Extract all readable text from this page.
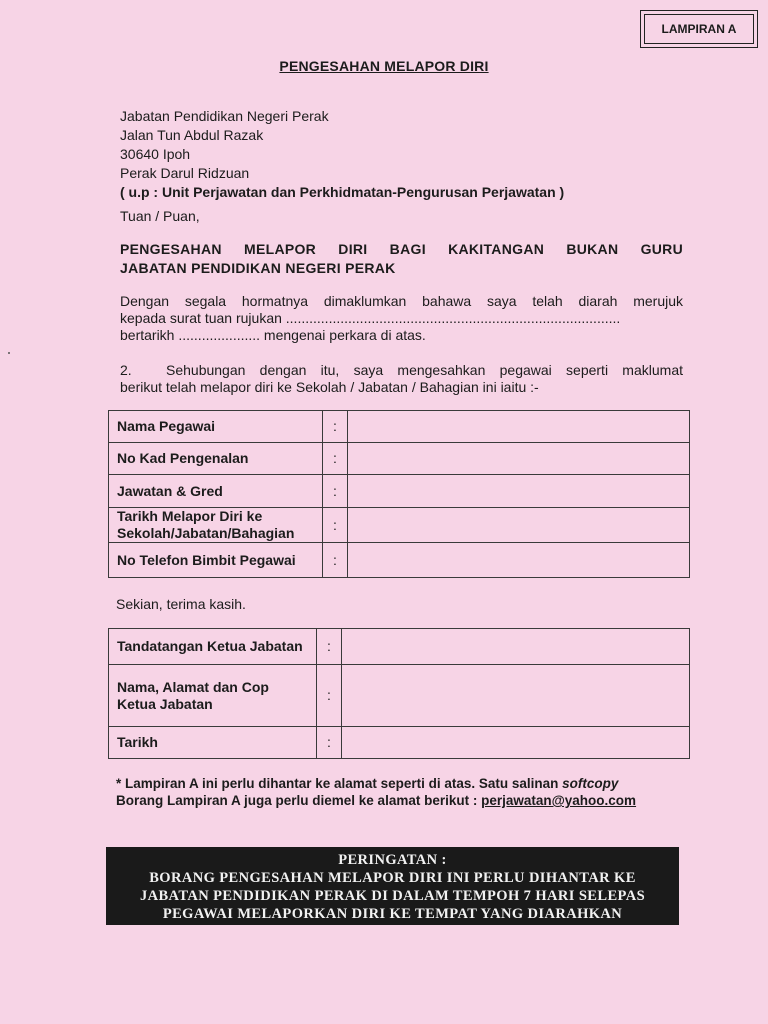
LAMPIRAN A
PENGESAHAN MELAPOR DIRI
Jabatan Pendidikan Negeri Perak
Jalan Tun Abdul Razak
30640 Ipoh
Perak Darul Ridzuan
( u.p : Unit Perjawatan dan Perkhidmatan-Pengurusan Perjawatan )
Tuan / Puan,
PENGESAHAN MELAPOR DIRI BAGI KAKITANGAN BUKAN GURU
JABATAN PENDIDIKAN NEGERI PERAK
Dengan segala hormatnya dimaklumkan bahawa saya telah diarah merujuk
kepada surat tuan rujukan ......................................................................................
bertarikh ..................... mengenai perkara di atas.
2. Sehubungan dengan itu, saya mengesahkan pegawai seperti maklumat
berikut telah melapor diri ke Sekolah / Jabatan / Bahagian ini iaitu :-
Nama Pegawai	:	
No Kad Pengenalan	:	
Jawatan & Gred	:	
Tarikh Melapor Diri ke Sekolah/Jabatan/Bahagian	:	
No Telefon Bimbit Pegawai	:	
Sekian, terima kasih.
Tandatangan Ketua Jabatan	:	
Nama, Alamat dan Cop Ketua Jabatan	:	
Tarikh	:	
* Lampiran A ini perlu dihantar ke alamat seperti di atas. Satu salinan softcopy
Borang Lampiran A juga perlu diemel ke alamat berikut : perjawatan@yahoo.com
PERINGATAN :
BORANG PENGESAHAN MELAPOR DIRI INI PERLU DIHANTAR KE
JABATAN PENDIDIKAN PERAK DI DALAM TEMPOH 7 HARI SELEPAS
PEGAWAI MELAPORKAN DIRI KE TEMPAT YANG DIARAHKAN
